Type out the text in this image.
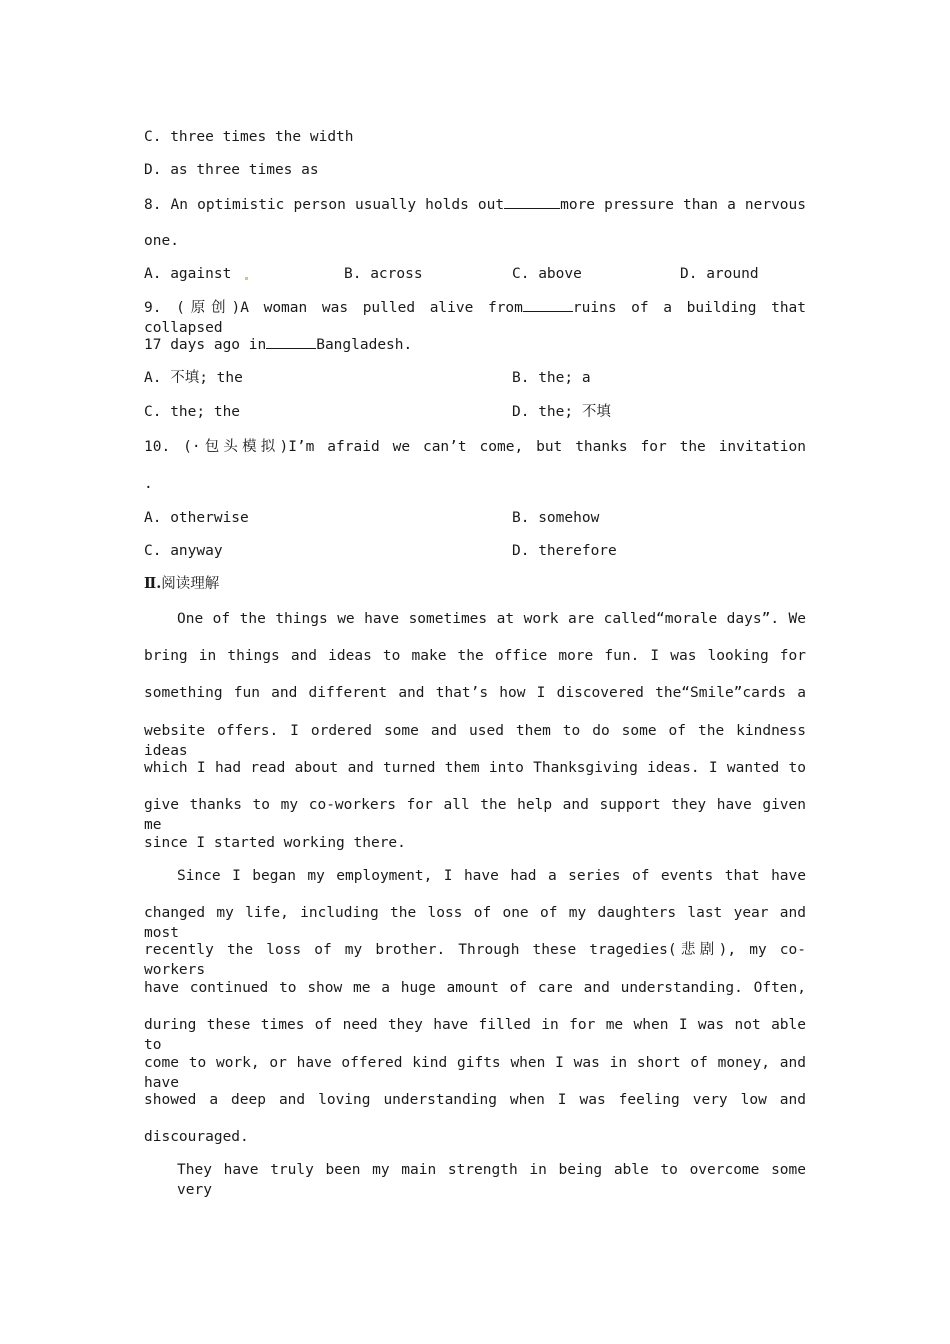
C. three times the width
D. as three times as
8. An optimistic person usually holds out	more pressure than a nervous
one.
A. against	B. across	C. above	D. around
9. (原创)A woman was pulled alive from	ruins of a building that collapsed
17 days ago in	Bangladesh.
A. 不填; the	B. the; a
C. the; the	D. the; 不填
10. (·包头模拟)I’m afraid we can’t come, but thanks for the invitation
.
A. otherwise	B. somehow
C. anyway	D. therefore
Ⅱ.阅读理解
One of the things we have sometimes at work are called“morale days”. We
bring in things and ideas to make the office more fun. I was looking for
something fun and different and that’s how I discovered the“Smile”cards a
website offers. I ordered some and used them to do some of the kindness ideas
which I had read about and turned them into Thanksgiving ideas. I wanted to
give thanks to my co-workers for all the help and support they have given me
since I started working there.
Since I began my employment, I have had a series of events that have
changed my life, including the loss of one of my daughters last year and most
recently the loss of my brother. Through these tragedies(悲剧), my co-workers
have continued to show me a huge amount of care and understanding. Often,
during these times of need they have filled in for me when I was not able to
come to work, or have offered kind gifts when I was in short of money, and have
showed a deep and loving understanding when I was feeling very low and
discouraged.
They have truly been my main strength in being able to overcome some very
